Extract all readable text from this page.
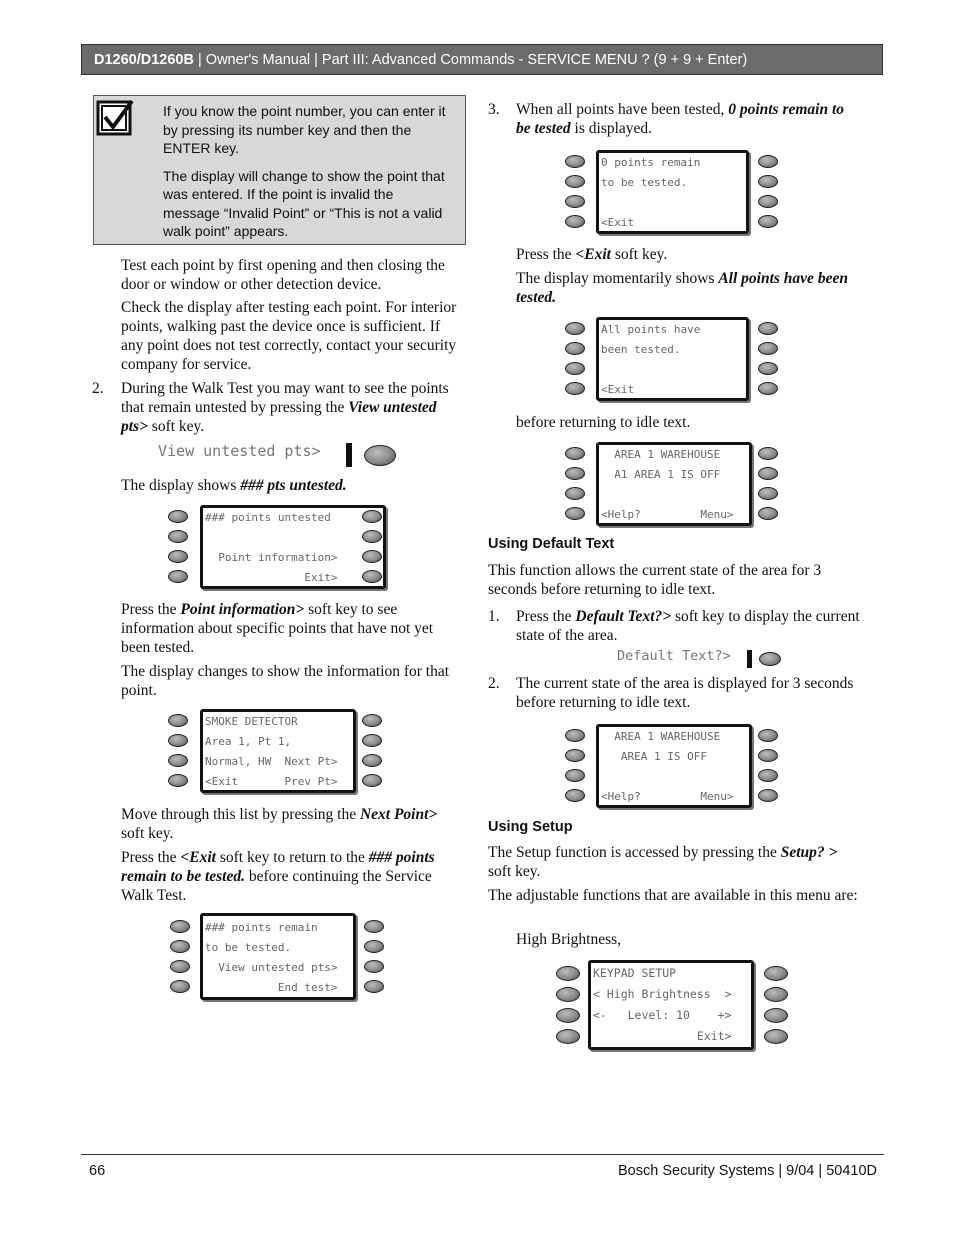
D1260/D1260B | Owner's Manual | Part III: Advanced Commands - SERVICE MENU ? (9 + 9 + Enter)

If you know the point number, you can enter it by pressing its number key and then the ENTER key.

The display will change to show the point that was entered. If the point is invalid the message “Invalid Point” or “This is not a valid walk point” appears.

Test each point by first opening and then closing the door or window or other detection device.

Check the display after testing each point. For interior points, walking past the device once is sufficient. If any point does not test correctly, contact your security company for service.

2. During the Walk Test you may want to see the points that remain untested by pressing the View untested pts> soft key.

View untested pts>

The display shows ### pts untested.

### points untested
Point information>
Exit>

Press the Point information> soft key to see information about specific points that have not yet been tested.

The display changes to show the information for that point.

SMOKE DETECTOR
Area 1, Pt 1,
Normal, HW  Next Pt>
<Exit       Prev Pt>

Move through this list by pressing the Next Point> soft key.

Press the <Exit soft key to return to the ### points remain to be tested. before continuing the Service Walk Test.

### points remain
to be tested.
View untested pts>
End test>
3. When all points have been tested, 0 points remain to be tested is displayed.

0 points remain
to be tested.
<Exit

Press the <Exit soft key.

The display momentarily shows All points have been tested.

All points have
been tested.
<Exit
before returning to idle text.
AREA 1 WAREHOUSE
A1 AREA 1 IS OFF
<Help?         Menu>
Using Default Text
This function allows the current state of the area for 3 seconds before returning to idle text.
1. Press the Default Text?> soft key to display the current state of the area.

Default Text?>
2. The current state of the area is displayed for 3 seconds before returning to idle text.
AREA 1 WAREHOUSE
AREA 1 IS OFF
<Help?         Menu>
Using Setup

The Setup function is accessed by pressing the Setup? > soft key.

The adjustable functions that are available in this menu are:

High Brightness,
KEYPAD SETUP
< High Brightness  >
<-   Level: 10    +>
Exit>
66	Bosch Security Systems | 9/04 | 50410D
